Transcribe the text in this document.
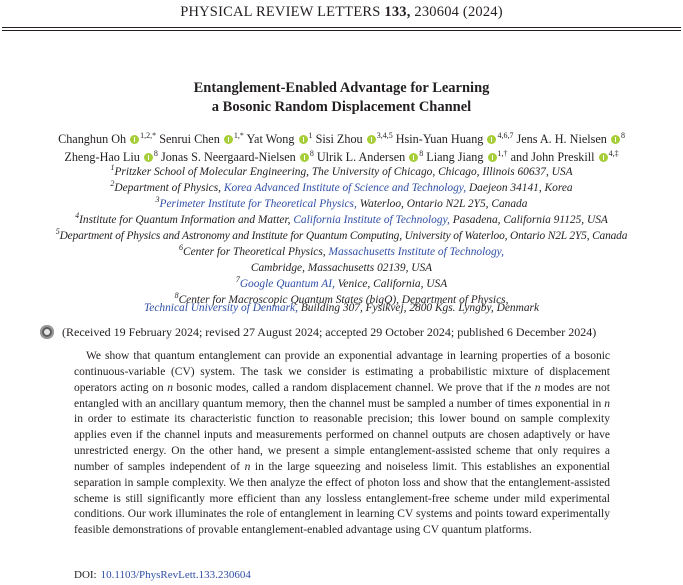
PHYSICAL REVIEW LETTERS 133, 230604 (2024)
Entanglement-Enabled Advantage for Learning
a Bosonic Random Displacement Channel
Changhun Oh $^{1,2,*}$ Senrui Chen $^{1,*}$ Yat Wong $^1$ Sisi Zhou $^{3,4,5}$ Hsin-Yuan Huang $^{4,6,7}$ Jens A. H. Nielsen $^8$
Zheng-Hao Liu $^8$ Jonas S. Neergaard-Nielsen $^8$ Ulrik L. Andersen $^8$ Liang Jiang $^{1,\dagger}$ and John Preskill $^{4,\ddagger}$
$^1$Pritzker School of Molecular Engineering, The University of Chicago, Chicago, Illinois 60637, USA
$^2$Department of Physics, Korea Advanced Institute of Science and Technology, Daejeon 34141, Korea
$^3$Perimeter Institute for Theoretical Physics, Waterloo, Ontario N2L 2Y5, Canada
$^4$Institute for Quantum Information and Matter, California Institute of Technology, Pasadena, California 91125, USA
$^5$Department of Physics and Astronomy and Institute for Quantum Computing, University of Waterloo, Ontario N2L 2Y5, Canada
$^6$Center for Theoretical Physics, Massachusetts Institute of Technology,
Cambridge, Massachusetts 02139, USA
$^7$Google Quantum AI, Venice, California, USA
$^8$Center for Macroscopic Quantum States (bigQ), Department of Physics,
Technical University of Denmark, Building 307, Fysikvej, 2800 Kgs. Lyngby, Denmark
(Received 19 February 2024; revised 27 August 2024; accepted 29 October 2024; published 6 December 2024)

We show that quantum entanglement can provide an exponential advantage in learning properties of a bosonic continuous-variable (CV) system. The task we consider is estimating a probabilistic mixture of displacement operators acting on n bosonic modes, called a random displacement channel. We prove that if the n modes are not entangled with an ancillary quantum memory, then the channel must be sampled a number of times exponential in n in order to estimate its characteristic function to reasonable precision; this lower bound on sample complexity applies even if the channel inputs and measurements performed on channel outputs are chosen adaptively or have unrestricted energy. On the other hand, we present a simple entanglement-assisted scheme that only requires a number of samples independent of n in the large squeezing and noiseless limit. This establishes an exponential separation in sample complexity. We then analyze the effect of photon loss and show that the entanglement-assisted scheme is still significantly more efficient than any lossless entanglement-free scheme under mild experimental conditions. Our work illuminates the role of entanglement in learning CV systems and points toward experimentally feasible demonstrations of provable entanglement-enabled advantage using CV quantum platforms.

DOI: 10.1103/PhysRevLett.133.230604
